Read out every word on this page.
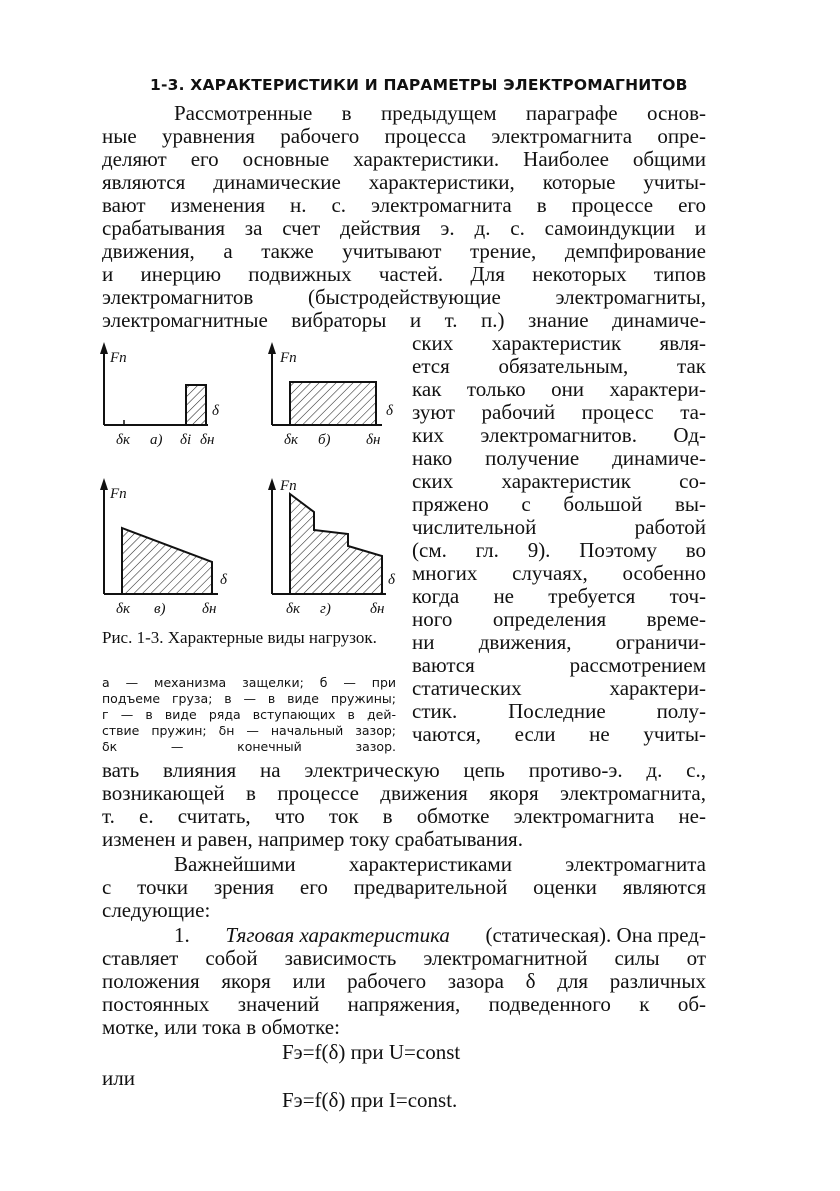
1-3. ХАРАКТЕРИСТИКИ И ПАРАМЕТРЫ ЭЛЕКТРОМАГНИТОВ
Рассмотренные в предыдущем параграфе основ-
ные уравнения рабочего процесса электромагнита опре-
деляют его основные характеристики. Наиболее общими
являются динамические характеристики, которые учиты-
вают изменения н. с. электромагнита в процессе его
срабатывания за счет действия э. д. с. самоиндукции и
движения, а также учитывают трение, демпфирование
и инерцию подвижных частей. Для некоторых типов
электромагнитов (быстродействующие электромагниты,
электромагнитные вибраторы и т. п.) знание динамиче-
ских характеристик явля-
ется обязательным, так
как только они характери-
зуют рабочий процесс та-
ких электромагнитов. Од-
нако получение динамиче-
ских характеристик со-
пряжено с большой вы-
числительной работой
(см. гл. 9). Поэтому во
многих случаях, особенно
когда не требуется точ-
ного определения време-
ни движения, ограничи-
ваются рассмотрением
статических характери-
стик. Последние полу-
чаются, если не учиты-
Fп
δ
δк а) δi δн
Fп
δ
δк б) δн
Fп
δ
δк в) δн
Fп
δ
δк г)	δн
Рис. 1-3. Характерные виды нагрузок.
а — механизма защелки; б — при
подъеме груза; в — в виде пружины;
г — в виде ряда вступающих в дей-
ствие пружин; δн — начальный зазор;
δк — конечный зазор.
вать влияния на электрическую цепь противо-э. д. с.,
возникающей в процессе движения якоря электромагнита,
т. е. считать, что ток в обмотке электромагнита не-
изменен и равен, например току срабатывания.
Важнейшими характеристиками электромагнита
с точки зрения его предварительной оценки являются
следующие:
1. Тяговая характеристика (статическая). Она пред-
ставляет собой зависимость электромагнитной силы от
положения якоря или рабочего зазора δ для различных
постоянных значений напряжения, подведенного к об-
мотке, или тока в обмотке:
Fэ=f(δ) при U=const
или
Fэ=f(δ) при I=const.
